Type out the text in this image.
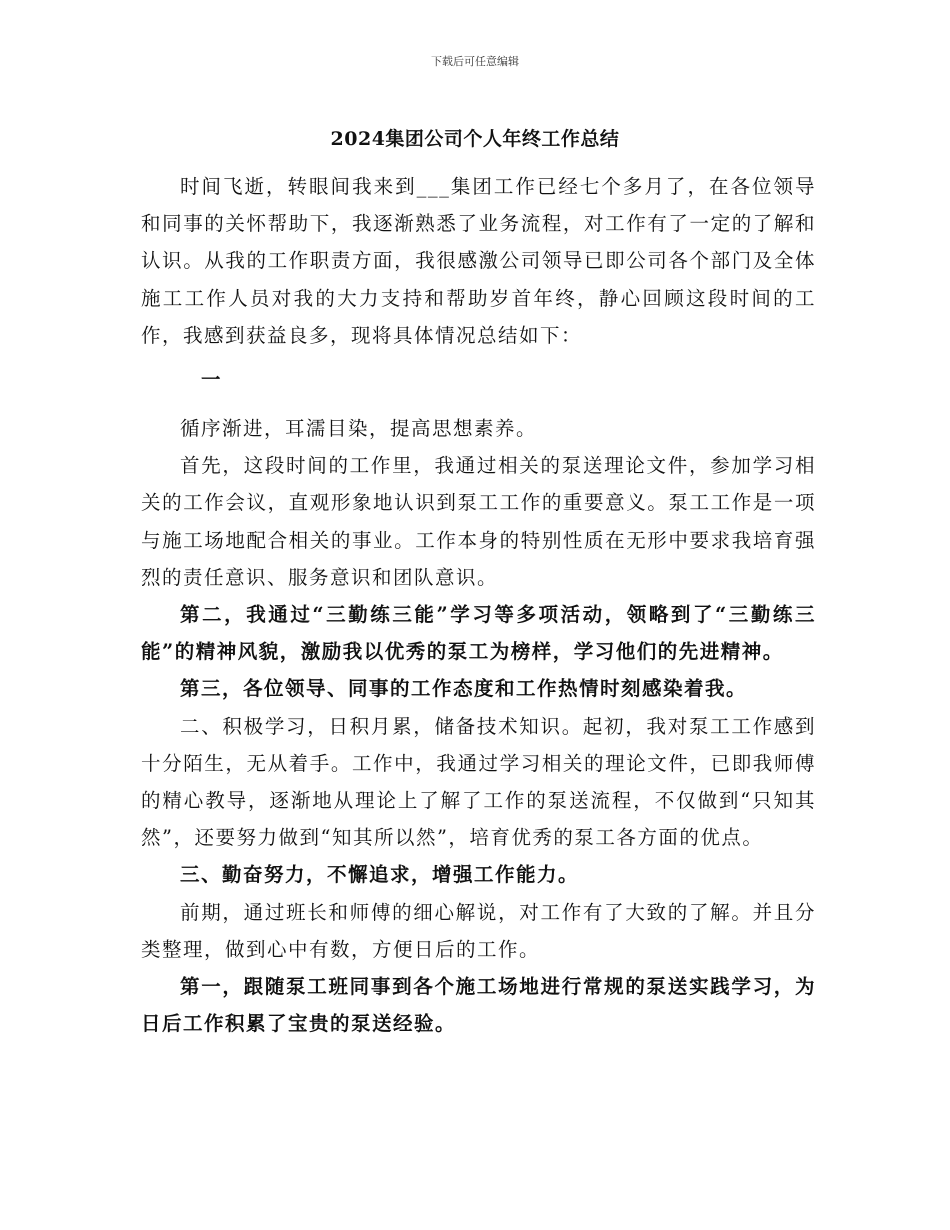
下载后可任意编辑
2024集团公司个人年终工作总结

时间飞逝，转眼间我来到___集团工作已经七个多月了，在各位领导和同事的关怀帮助下，我逐渐熟悉了业务流程，对工作有了一定的了解和认识。从我的工作职责方面，我很感激公司领导已即公司各个部门及全体施工工作人员对我的大力支持和帮助岁首年终，静心回顾这段时间的工作，我感到获益良多，现将具体情况总结如下：

一

循序渐进，耳濡目染，提高思想素养。

首先，这段时间的工作里，我通过相关的泵送理论文件，参加学习相关的工作会议，直观形象地认识到泵工工作的重要意义。泵工工作是一项与施工场地配合相关的事业。工作本身的特别性质在无形中要求我培育强烈的责任意识、服务意识和团队意识。

第二，我通过“三勤练三能”学习等多项活动，领略到了“三勤练三能”的精神风貌，激励我以优秀的泵工为榜样，学习他们的先进精神。

第三，各位领导、同事的工作态度和工作热情时刻感染着我。

二、积极学习，日积月累，储备技术知识。起初，我对泵工工作感到十分陌生，无从着手。工作中，我通过学习相关的理论文件，已即我师傅的精心教导，逐渐地从理论上了解了工作的泵送流程，不仅做到“只知其然”，还要努力做到“知其所以然”，培育优秀的泵工各方面的优点。

三、勤奋努力，不懈追求，增强工作能力。

前期，通过班长和师傅的细心解说，对工作有了大致的了解。并且分类整理，做到心中有数，方便日后的工作。

第一，跟随泵工班同事到各个施工场地进行常规的泵送实践学习，为日后工作积累了宝贵的泵送经验。
